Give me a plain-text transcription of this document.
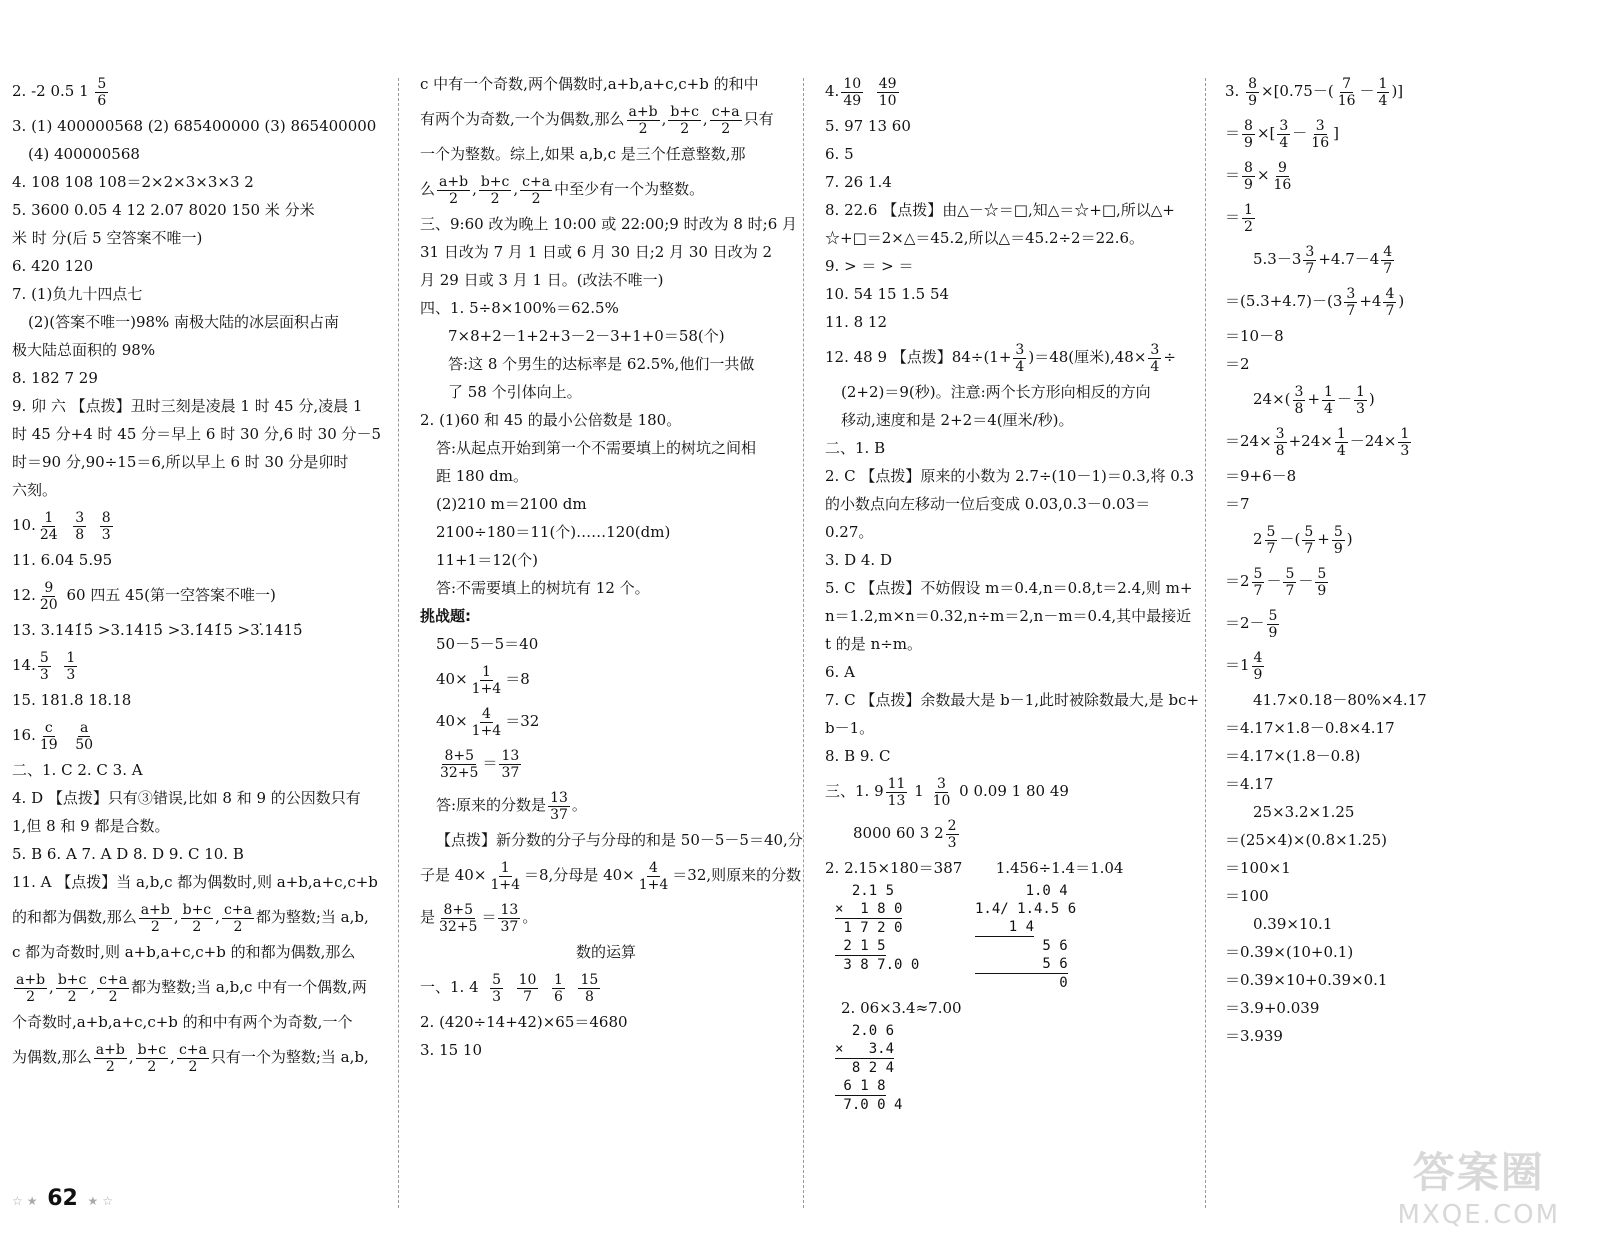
2. -2 0.5 $1 \frac{5}{6}$

3. (1) 400000568 (2) 685400000 (3) 865400000

(4) 400000568

4. 108 108 108＝2×2×3×3×3 2

5. 3600 0.05 4 12 2.07 8020 150 米 分米

米 时 分(后 5 空答案不唯一)

6. 420 120

7. (1)负九十四点七

(2)(答案不唯一)98% 南极大陆的冰层面积占南

极大陆总面积的 98%

8. 182 7 29

9. 卯 六 【点拨】丑时三刻是凌晨 1 时 45 分,凌晨 1

时 45 分+4 时 45 分＝早上 6 时 30 分,6 时 30 分－5

时＝90 分,90÷15＝6,所以早上 6 时 30 分是卯时

六刻。

10. $\frac{1}{24}$
$\frac{3}{8}$
$\frac{8}{3}$

11. 6.04 5.95

12. $\frac{9}{20} 60$ 四五 45(第一空答案不唯一)

13. 3.141̇5̇ >3.14̇15̇ >3.1̇41̇5 >3.̇1415̇

14. $\frac{5}{3}$
$\frac{1}{3}$

15. 181.8 18.18

16. $\frac{c}{19}$
$\frac{a}{50}$

二、1. C 2. C 3. A

4. D 【点拨】只有③错误,比如 8 和 9 的公因数只有

1,但 8 和 9 都是合数。

5. B 6. A 7. A D 8. D 9. C 10. B

11. A 【点拨】当 a,b,c 都为偶数时,则 a+b,a+c,c+b

的和都为偶数,那么 $\frac{a+b}{2}$ , $\frac{b+c}{2}$ , $\frac{c+a}{2}$ 都为整数;当 a,b,

c 都为奇数时,则 a+b,a+c,c+b 的和都为偶数,那么

$\frac{a+b}{2}$ , $\frac{b+c}{2}$ , $\frac{c+a}{2}$ 都为整数;当 a,b,c 中有一个偶数,两

个奇数时,a+b,a+c,c+b 的和中有两个为奇数,一个

为偶数,那么 $\frac{a+b}{2}$ , $\frac{b+c}{2}$ , $\frac{c+a}{2}$ 只有一个为整数;当 a,b,

c 中有一个奇数,两个偶数时,a+b,a+c,c+b 的和中

有两个为奇数,一个为偶数,那么 $\frac{a+b}{2}$ , $\frac{b+c}{2}$ , $\frac{c+a}{2}$ 只有

一个为整数。综上,如果 a,b,c 是三个任意整数,那

么 $\frac{a+b}{2}$ , $\frac{b+c}{2}$ , $\frac{c+a}{2}$ 中至少有一个为整数。

三、9:60 改为晚上 10:00 或 22:00;9 时改为 8 时;6 月

31 日改为 7 月 1 日或 6 月 30 日;2 月 30 日改为 2

月 29 日或 3 月 1 日。(改法不唯一)

四、1. 5÷8×100%＝62.5%

7×8+2－1+2+3－2－3+1+0＝58(个)

答:这 8 个男生的达标率是 62.5%,他们一共做

了 58 个引体向上。

2. (1)60 和 45 的最小公倍数是 180。

答:从起点开始到第一个不需要填上的树坑之间相

距 180 dm。

(2)210 m＝2100 dm

2100÷180＝11(个)……120(dm)

11+1＝12(个)

答:不需要填上的树坑有 12 个。

挑战题:

50－5－5＝40

$40\times \frac{1}{1+4} =8$

$40\times \frac{4}{1+4} =32$

$\frac{8+5}{32+5} = \frac{13}{37}$

答:原来的分数是 $\frac{13}{37}$ 。

【点拨】新分数的分子与分母的和是 50－5－5＝40,分

子是 $40\times \frac{1}{1+4} =8$,分母是 $40\times \frac{4}{1+4} =32$,则原来的分数

是 $\frac{8+5}{32+5} = \frac{13}{37}$ 。

数的运算

一、1. $4 \frac{5}{3}$
$\frac{10}{7}$
$\frac{1}{6}$
$\frac{15}{8}$

2. (420÷14+42)×65＝4680

3. 15 10

4. $\frac{10}{49}$
$\frac{49}{10}$

5. 97 13 60

6. 5

7. 26 1.4

8. 22.6 【点拨】由△－☆＝□,知△＝☆+□,所以△+

☆+□＝2×△＝45.2,所以△＝45.2÷2＝22.6。

9. > ＝ > ＝

10. 54 15 1.5 54

11. 8 12

12. 48 9 【点拨】$84\div(1+ \frac{3}{4} )=48$(厘米)$,48\times \frac{3}{4}$ ÷

(2+2)＝9(秒)。注意:两个长方形向相反的方向

移动,速度和是 2+2＝4(厘米/秒)。

二、1. B

2. C 【点拨】原来的小数为 2.7÷(10－1)＝0.3,将 0.3

的小数点向左移动一位后变成 0.03,0.3－0.03＝

0.27。

3. D 4. D

5. C 【点拨】不妨假设 m＝0.4,n＝0.8,t＝2.4,则 m+

n＝1.2,m×n＝0.32,n÷m＝2,n－m＝0.4,其中最接近

t 的是 n÷m。

6. A

7. C 【点拨】余数最大是 b－1,此时被除数最大,是 bc+

b－1。

8. B 9. C

三、1. $9 \frac{11}{13} 1 \frac{3}{10} 0$ 0.09 1 80 49

8000 60 3 $2 \frac{2}{3}$

2. 2.15×180＝387 1.456÷1.4＝1.04

2.1 5
×  1 8 0
1 7 2 0
2 1 5
3 8 7.0 0
1.0 4
1.4/ 1.4.5 6
1 4
5 6
5 6
0

2. 06×3.4≈7.00

2.0 6
×   3.4
8 2 4
6 1 8
7.0 0 4

3. $\frac{8}{9} \times[0.75-( \frac{7}{16} - \frac{1}{4}$ )]

＝ $\frac{8}{9}$ ×[ $\frac{3}{4} - \frac{3}{16}$ ]

＝ $\frac{8}{9} \times \frac{9}{16}$

＝ $\frac{1}{2}$

$5.3-3 \frac{3}{7} +4.7-4 \frac{4}{7}$

$=(5.3+4.7)-(3 \frac{3}{7} +4 \frac{4}{7}$ )

＝10－8

＝2

$24\times( \frac{3}{8} + \frac{1}{4} - \frac{1}{3}$ )

$=24\times \frac{3}{8} +24\times \frac{1}{4} -24\times \frac{1}{3}$

＝9+6－8

＝7

$2 \frac{5}{7}$ －( $\frac{5}{7} + \frac{5}{9}$ )

$=2 \frac{5}{7} - \frac{5}{7} - \frac{5}{9}$

$=2- \frac{5}{9}$

$=1 \frac{4}{9}$

41.7×0.18－80%×4.17

＝4.17×1.8－0.8×4.17

＝4.17×(1.8－0.8)

＝4.17

25×3.2×1.25

＝(25×4)×(0.8×1.25)

＝100×1

＝100

0.39×10.1

＝0.39×(10+0.1)

＝0.39×10+0.39×0.1

＝3.9+0.039

＝3.939

☆ ★ 62 ★ ☆
答案圈
MXQE.COM
